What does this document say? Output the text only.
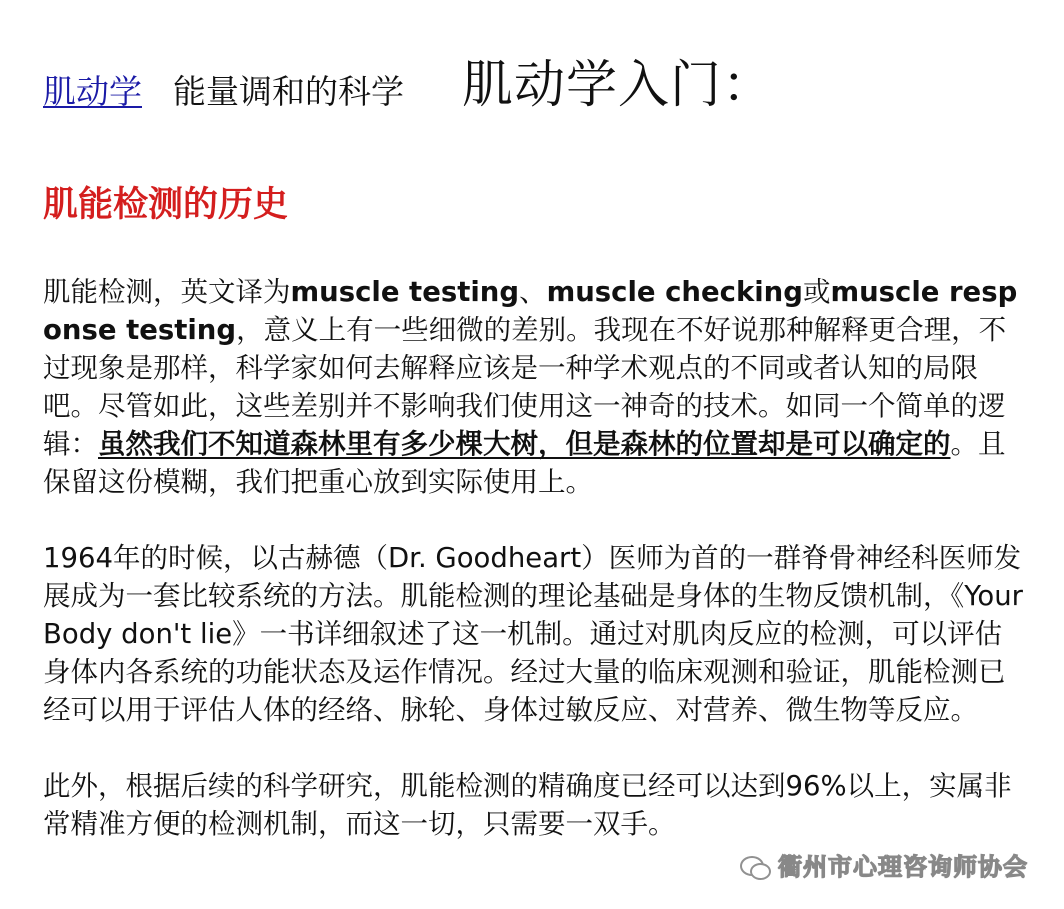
肌动学 能量调和的科学 肌动学入门：
肌能检测的历史

肌能检测，英文译为muscle testing、muscle checking或muscle response testing，意义上有一些细微的差别。我现在不好说那种解释更合理，不过现象是那样，科学家如何去解释应该是一种学术观点的不同或者认知的局限吧。尽管如此，这些差别并不影响我们使用这一神奇的技术。如同一个简单的逻辑：虽然我们不知道森林里有多少棵大树，但是森林的位置却是可以确定的。且保留这份模糊，我们把重心放到实际使用上。

1964年的时候，以古赫德（Dr. Goodheart）医师为首的一群脊骨神经科医师发展成为一套比较系统的方法。肌能检测的理论基础是身体的生物反馈机制，《Your Body don't lie》一书详细叙述了这一机制。通过对肌肉反应的检测，可以评估身体内各系统的功能状态及运作情况。经过大量的临床观测和验证，肌能检测已经可以用于评估人体的经络、脉轮、身体过敏反应、对营养、微生物等反应。

此外，根据后续的科学研究，肌能检测的精确度已经可以达到96%以上，实属非常精准方便的检测机制，而这一切，只需要一双手。

衢州市心理咨询师协会
